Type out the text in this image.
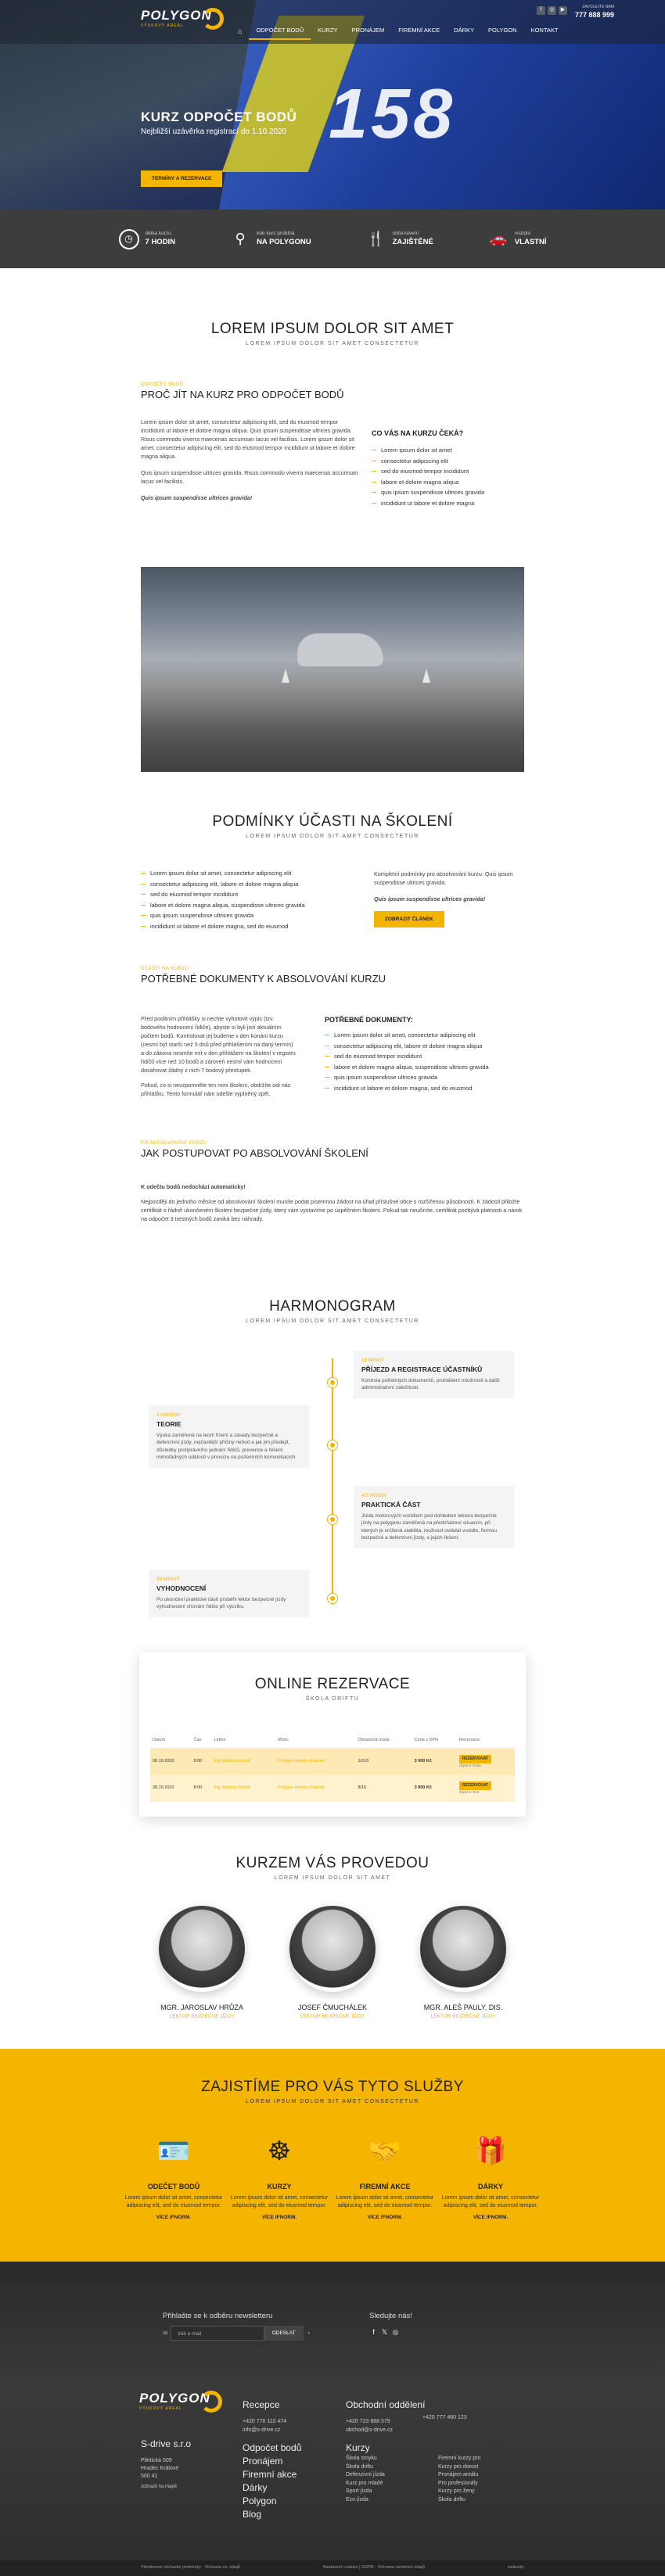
158
POLYGON
VÝUKOVÝ AREÁL
⌂	ODPOČET BODŮ	KURZY	PRONÁJEM	FIREMNÍ AKCE	DÁRKY	POLYGON	KONTAKT
f	◎	▶
ZAVOLEJTE NÁM
777 888 999
KURZ ODPOČET BODŮ

Nejbližší uzávěrka registrací do 1.10.2020

TERMÍNY A REZERVACE
◷	délka kurzu
7 HODIN	⚲	kde kurz probíhá
NA POLYGONU	🍴 občerstvení
ZAJIŠTĚNÉ	🚗 vozidlo
VLASTNÍ
LOREM IPSUM DOLOR SIT AMET
LOREM IPSUM DOLOR SIT AMET CONSECTETUR
ODPOČET BODŮ
PROČ JÍT NA KURZ PRO ODPOČET BODŮ

Lorem ipsum dolor sit amet, consectetur adipiscing elit, sed do eiusmod tempor incididunt ut labore et dolore magna aliqua. Quis ipsum suspendisse ultrices gravida. Risus commodo viverra maecenas accumsan lacus vel facilisis. Lorem ipsum dolor sit amet, consectetur adipiscing elit, sed do eiusmod tempor incididunt ut labore et dolore magna aliqua.

Quis ipsum suspendisse ultrices gravida. Risus commodo viverra maecenas accumsan lacus vel facilisis.

Quis ipsum suspendisse ultrices gravida!

CO VÁS NA KURZU ČEKÁ?
Lorem ipsum dolor sit amet
consectetur adipiscing elit
sed do eiusmod tempor incididunt
labore et dolore magna aliqua
quis ipsum suspendisse ultrices gravida
incididunt ut labore et dolore magna
PODMÍNKY ÚČASTI NA ŠKOLENÍ
LOREM IPSUM DOLOR SIT AMET CONSECTETUR
Lorem ipsum dolor sit amet, consectetur adipiscing elit
consectetur adipiscing elit, labore et dolore magna aliqua
sed do eiusmod tempor incididunt
labore et dolore magna aliqua, suspendisse ultrices gravida
quis ipsum suspendisse ultrices gravida
incididunt ut labore et dolore magna, sed do eiusmod

Kompletní podmínky pro absolvování kurzu: Quis ipsum suspendisse ultrices gravida.

Quis ipsum suspendisse ultrices gravida!

ZOBRAZIT ČLÁNEK
ÚČASTI NA KURZU
POTŘEBNÉ DOKUMENTY K ABSOLVOVÁNÍ KURZU

Před podáním přihlášky si nechte vyhotovit výpis (tzv. bodového hodnocení řidiče), abyste si byli jistí aktuálním počtem bodů. Kontrolovat jej budeme v den konání kurzu (nesmí být starší než 5 dnů před přihlášením na daný termín) a do zákona nesmíte mít v den přihlášení na školení v registru řidičů více než 10 bodů a zároveň nesmí vám hodnocení dosahovat žádný z nich 7 bodový přestupek.

Pokud, co si nevzpomněte ten mini školení, obdržíte odi nás přihlášku. Tento formulář nám odešle vyplněný zpět.

POTŘEBNÉ DOKUMENTY:
Lorem ipsum dolor sit amet, consectetur adipiscing elit
consectetur adipiscing elit, labore et dolore magna aliqua
sed do eiusmod tempor incididunt
labore et dolore magna aliqua, suspendisse ultrices gravida
quis ipsum suspendisse ultrices gravida
incididunt ut labore et dolore magna, sed do eiusmod
PO ABSOLVOVÁNÍ KURZU
JAK POSTUPOVAT PO ABSOLVOVÁNÍ ŠKOLENÍ

K odečtu bodů nedochází automaticky!

Nejpozději do jednoho měsíce od absolvování školení musíte podat písemnou žádost na úřad příslušné obce s rozšířenou působností. K žádosti přiložte certifikát o řádně ukončeném školení bezpečné jízdy, který vám vystavíme po úspěšném školení. Pokud tak neučiníte, certifikát pozbývá platnosti a nárok na odpočet 3 trestných bodů zaniká bez náhrady.

HARMONOGRAM
LOREM IPSUM DOLOR SIT AMET CONSECTETUR
15 MINUT
PŘÍJEZD A REGISTRACE ÚČASTNÍKŮ

Kontrola potřebných dokumentů, prohlášení totožnosti a další administrativní záležitosti.

2 HODINY
TEORIE

Výuka zaměřená na teorii řízení a zásady bezpečné a defenzivní jízdy, nejčastější příčiny nehod a jak jim předejít, důsledky protiprávního jednání řidičů, prevence a řešení mimořádných události v provozu na pozemních komunikacích.

4,5 HODIN
PRAKTICKÁ ČÁST

Jízda motorových vozidlem pod dohledem lektora bezpečné jízdy na polygonu zaměřená na předcházení situacím, při kterých je snížená stabilita, možnost ovládat vozidlo, formou bezpečné a defenzivní jízdy, a jejich řešení.

30 MINUT
VYHODNOCENÍ

Po ukončení praktické části proběhl lektor bezpečné jízdy vyhodnocení chování řidiče při výcviku.

ONLINE REZERVACE
ŠKOLA DRIFTU
Datum	Čas	Lektor	Místo	Obsazená místa	Cena s DPH	Rezervace
09.10.2020	8:00	Ing. Martina Dostál	Polygon Hradec Králové	12/16	3 900 Kč	REZERVOVAT
zbývá 4 místa

28.10.2020	8:00	Ing. Martina Dostál	Polygon Hradec Králové	8/16	3 900 Kč	REZERVOVAT
zbývá 8 míst
KURZEM VÁS PROVEDOU
LOREM IPSUM DOLOR SIT AMET
MGR. JAROSLAV HRŮZA
LEKTOR BEZPEČNÉ JÍZDY
JOSEF ČMUCHÁLEK
LEKTOR BEZPEČNÉ JÍZDY
MGR. ALEŠ PAULY, DIS.
LEKTOR BEZPEČNÉ JÍZDY
ZAJISTÍME PRO VÁS TYTO SLUŽBY
LOREM IPSUM DOLOR SIT AMET CONSECTETUR
🪪
ODEČET BODŮ

Lorem ipsum dolor sit amet, consectetur adipiscing elit, sed do eiusmod tempor.

VÍCE IFNORM.
☸
KURZY

Lorem ipsum dolor sit amet, consectetur adipiscing elit, sed do eiusmod tempor.

VÍCE IFNORM.
🤝
FIREMNÍ AKCE

Lorem ipsum dolor sit amet, consectetur adipiscing elit, sed do eiusmod tempor.

VÍCE IFNORM.
🎁
DÁRKY

Lorem ipsum dolor sit amet, consectetur adipiscing elit, sed do eiusmod tempor.

VÍCE IFNORM.
Přihlašte se k odběru newsletteru
✉	Váš e-mail	ODESLAT	›
Sledujte nás!
f	𝕏 ◎
POLYGON
VÝUKOVÝ AREÁL
S-drive s.r.o
Piletická 509
Hradec Králové
500 41
zobrazit na mapě
Recepce
+420 770 110 474
info@s-drive.cz
Obchodní oddělení
+420 723 888 579
obchod@s-drive.cz
+420 777 460 123
Odpočet bodů
Pronájem
Firemní akce
Dárky
Polygon
Blog
Kurzy
Škola smyku
Škola driftu
Defenzivní jízda
Kurz pro mladé
Sport jízda
Eco jízda
Firemní kurzy pro
Kurzy pro dorost
Pronájem areálu
Pro profesionály
Kurzy pro ženy
Škola driftu
Všeobecné obchodní podmínky · Ochrana os. údajů	Nastavení cookies | GDPR - Ochrana osobních údajů	webovky
